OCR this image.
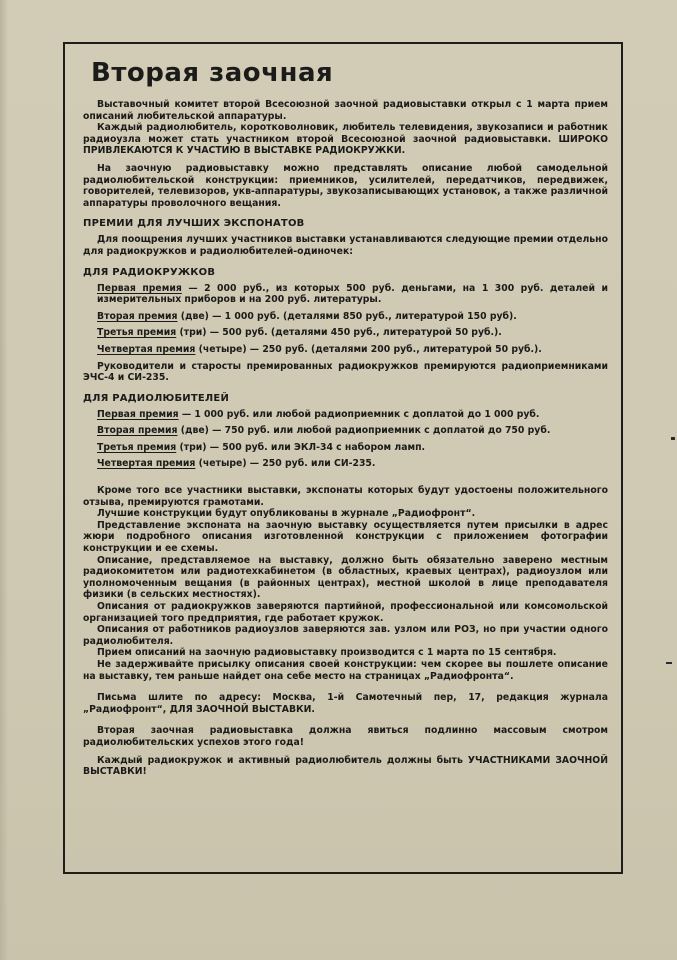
Вторая заочная

Выставочный комитет второй Всесоюзной заочной радиовыставки открыл с 1 марта прием описаний любительской аппаратуры.

Каждый радиолюбитель, коротковолновик, любитель телевидения, звукозаписи и работник радиоузла может стать участником второй Всесоюзной заочной радиовыставки. ШИРОКО ПРИВЛЕКАЮТСЯ К УЧАСТИЮ В ВЫСТАВКЕ РАДИОКРУЖКИ.

На заочную радиовыставку можно представлять описание любой самодельной радиолюбительской конструкции: приемников, усилителей, передатчиков, передвижек, говорителей, телевизоров, укв-аппаратуры, звукозаписывающих установок, а также различной аппаратуры проволочного вещания.

ПРЕМИИ ДЛЯ ЛУЧШИХ ЭКСПОНАТОВ

Для поощрения лучших участников выставки устанавливаются следующие премии отдельно для радиокружков и радиолюбителей-одиночек:

ДЛЯ РАДИОКРУЖКОВ
Первая премия — 2 000 руб., из которых 500 руб. деньгами, на 1 300 руб. деталей и измерительных приборов и на 200 руб. литературы.
Вторая премия (две) — 1 000 руб. (деталями 850 руб., литературой 150 руб).
Третья премия (три) — 500 руб. (деталями 450 руб., литературой 50 руб.).
Четвертая премия (четыре) — 250 руб. (деталями 200 руб., литературой 50 руб.).

Руководители и старосты премированных радиокружков премируются радиоприемниками ЭЧС-4 и СИ-235.

ДЛЯ РАДИОЛЮБИТЕЛЕЙ
Первая премия — 1 000 руб. или любой радиоприемник с доплатой до 1 000 руб.
Вторая премия (две) — 750 руб. или любой радиоприемник с доплатой до 750 руб.
Третья премия (три) — 500 руб. или ЭКЛ-34 с набором ламп.
Четвертая премия (четыре) — 250 руб. или СИ-235.

Кроме того все участники выставки, экспонаты которых будут удостоены положительного отзыва, премируются грамотами.

Лучшие конструкции будут опубликованы в журнале „Радиофронт“.

Представление экспоната на заочную выставку осуществляется путем присылки в адрес жюри подробного описания изготовленной конструкции с приложением фотографии конструкции и ее схемы.

Описание, представляемое на выставку, должно быть обязательно заверено местным радиокомитетом или радиотехкабинетом (в областных, краевых центрах), радиоузлом или уполномоченным вещания (в районных центрах), местной школой в лице преподавателя физики (в сельских местностях).

Описания от радиокружков заверяются партийной, профессиональной или комсомольской организацией того предприятия, где работает кружок.

Описания от работников радиоузлов заверяются зав. узлом или РОЗ, но при участии одного радиолюбителя.

Прием описаний на заочную радиовыставку производится с 1 марта по 15 сентября.

Не задерживайте присылку описания своей конструкции: чем скорее вы пошлете описание на выставку, тем раньше найдет она себе место на страницах „Радиофронта“.

Письма шлите по адресу: Москва, 1-й Самотечный пер, 17, редакция журнала „Радиофронт“, ДЛЯ ЗАОЧНОЙ ВЫСТАВКИ.

Вторая заочная радиовыставка должна явиться подлинно массовым смотром радиолюбительских успехов этого года!

Каждый радиокружок и активный радиолюбитель должны быть УЧАСТНИКАМИ ЗАОЧНОЙ ВЫСТАВКИ!
